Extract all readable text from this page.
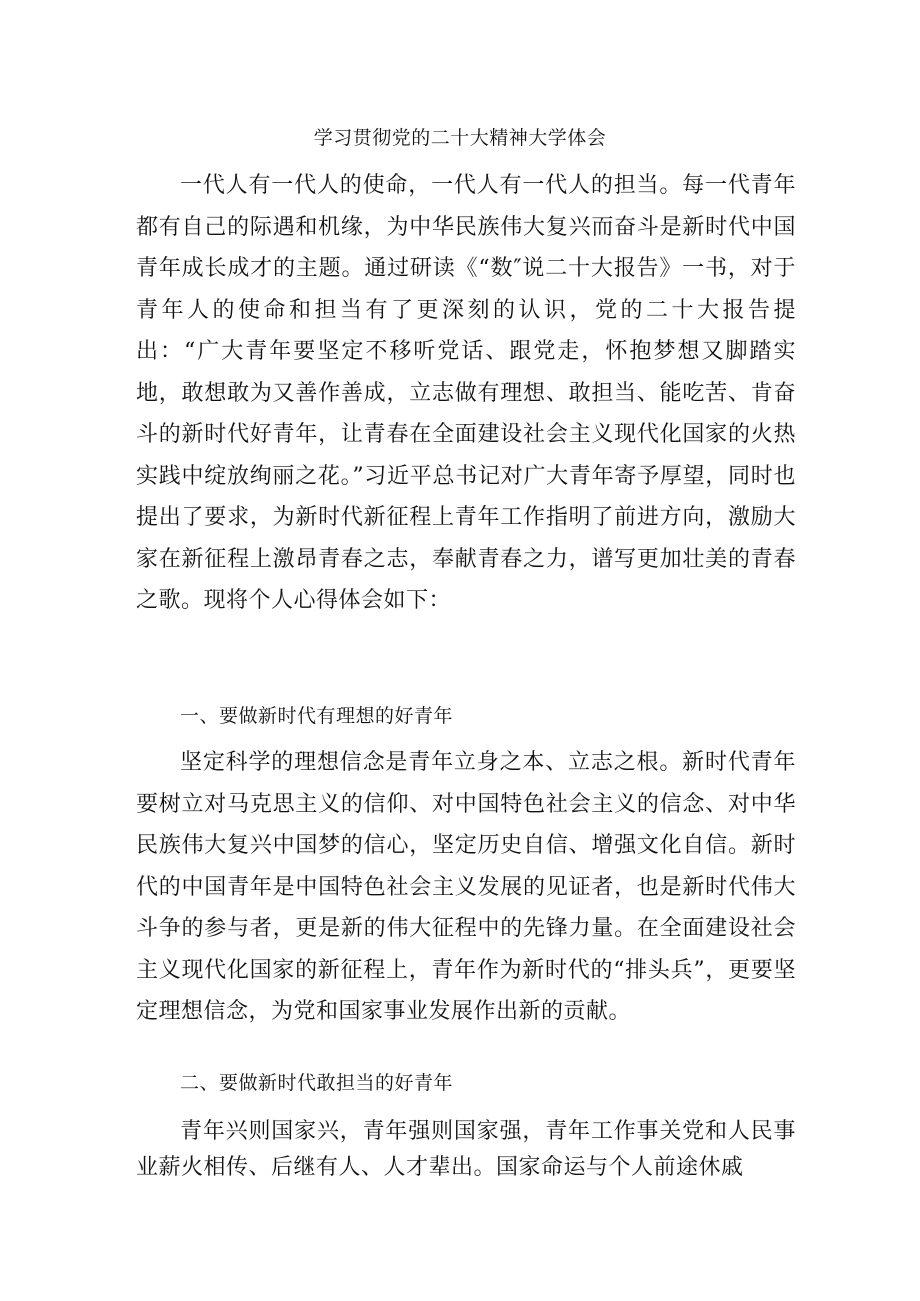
学习贯彻党的二十大精神大学体会

一代人有一代人的使命，一代人有一代人的担当。每一代青年都有自己的际遇和机缘，为中华民族伟大复兴而奋斗是新时代中国青年成长成才的主题。通过研读《“数″说二十大报告》一书，对于青年人的使命和担当有了更深刻的认识，党的二十大报告提出：“广大青年要坚定不移听党话、跟党走，怀抱梦想又脚踏实地，敢想敢为又善作善成，立志做有理想、敢担当、能吃苦、肯奋斗的新时代好青年，让青春在全面建设社会主义现代化国家的火热实践中绽放绚丽之花。”习近平总书记对广大青年寄予厚望，同时也提出了要求，为新时代新征程上青年工作指明了前进方向，激励大家在新征程上激昂青春之志，奉献青春之力，谱写更加壮美的青春之歌。现将个人心得体会如下：

一、要做新时代有理想的好青年

坚定科学的理想信念是青年立身之本、立志之根。新时代青年要树立对马克思主义的信仰、对中国特色社会主义的信念、对中华民族伟大复兴中国梦的信心，坚定历史自信、增强文化自信。新时代的中国青年是中国特色社会主义发展的见证者，也是新时代伟大斗争的参与者，更是新的伟大征程中的先锋力量。在全面建设社会主义现代化国家的新征程上，青年作为新时代的“排头兵”，更要坚定理想信念，为党和国家事业发展作出新的贡献。

二、要做新时代敢担当的好青年

青年兴则国家兴，青年强则国家强，青年工作事关党和人民事业薪火相传、后继有人、人才辈出。国家命运与个人前途休戚
